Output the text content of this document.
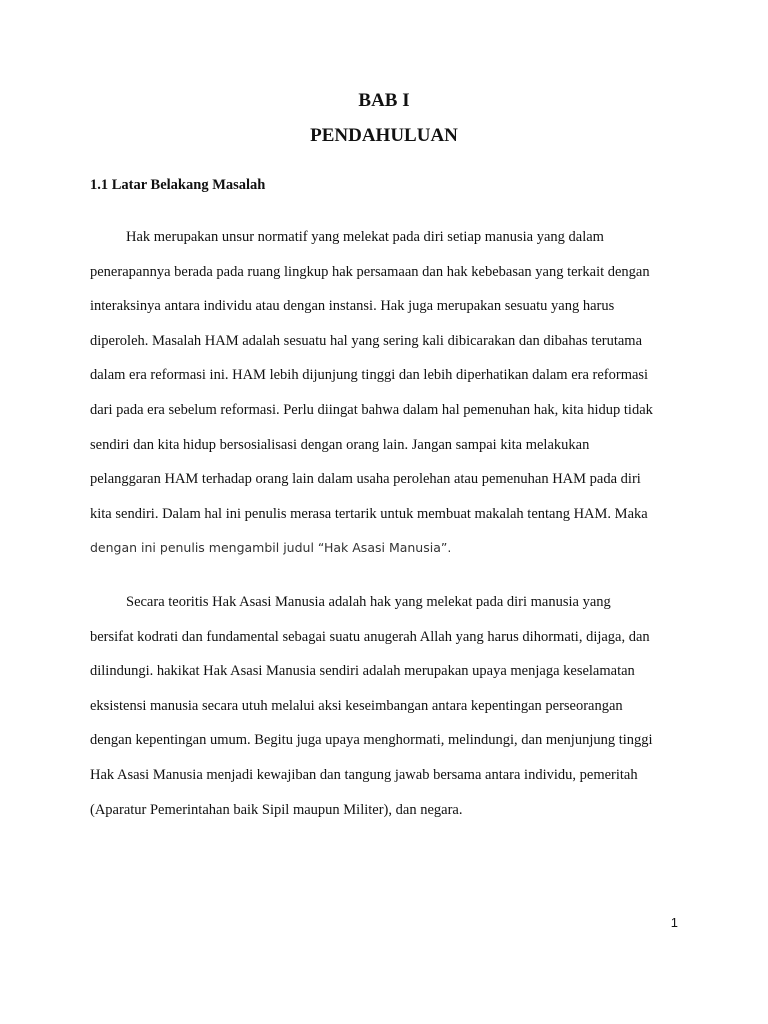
BAB I
PENDAHULUAN
1.1 Latar Belakang Masalah
Hak merupakan unsur normatif yang melekat pada diri setiap manusia yang dalam
penerapannya berada pada ruang lingkup hak persamaan dan hak kebebasan yang terkait dengan
interaksinya antara individu atau dengan instansi. Hak juga merupakan sesuatu yang harus
diperoleh. Masalah HAM adalah sesuatu hal yang sering kali dibicarakan dan dibahas terutama
dalam era reformasi ini. HAM lebih dijunjung tinggi dan lebih diperhatikan dalam era reformasi
dari pada era sebelum reformasi. Perlu diingat bahwa dalam hal pemenuhan hak, kita hidup tidak
sendiri dan kita hidup bersosialisasi dengan orang lain. Jangan sampai kita melakukan
pelanggaran HAM terhadap orang lain dalam usaha perolehan atau pemenuhan HAM pada diri
kita sendiri. Dalam hal ini penulis merasa tertarik untuk membuat makalah tentang HAM. Maka
dengan ini penulis mengambil judul “Hak Asasi Manusia”.
Secara teoritis Hak Asasi Manusia adalah hak yang melekat pada diri manusia yang
bersifat kodrati dan fundamental sebagai suatu anugerah Allah yang harus dihormati, dijaga, dan
dilindungi. hakikat Hak Asasi Manusia sendiri adalah merupakan upaya menjaga keselamatan
eksistensi manusia secara utuh melalui aksi keseimbangan antara kepentingan perseorangan
dengan kepentingan umum. Begitu juga upaya menghormati, melindungi, dan menjunjung tinggi
Hak Asasi Manusia menjadi kewajiban dan tangung jawab bersama antara individu, pemeritah
(Aparatur Pemerintahan baik Sipil maupun Militer), dan negara.

1
